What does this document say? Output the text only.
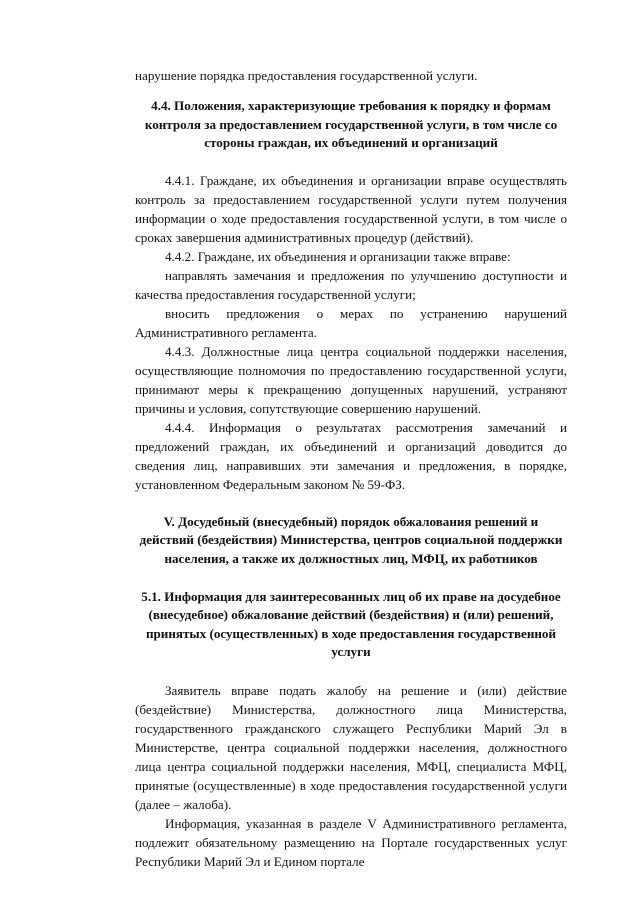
нарушение порядка предоставления государственной услуги.

4.4. Положения, характеризующие требования к порядку и формам контроля за предоставлением государственной услуги, в том числе со стороны граждан, их объединений и организаций

4.4.1. Граждане, их объединения и организации вправе осуществлять контроль за предоставлением государственной услуги путем получения информации о ходе предоставления государственной услуги, в том числе о сроках завершения административных процедур (действий).

4.4.2. Граждане, их объединения и организации также вправе:

направлять замечания и предложения по улучшению доступности и качества предоставления государственной услуги;

вносить предложения о мерах по устранению нарушений Административного регламента.

4.4.3. Должностные лица центра социальной поддержки населения, осуществляющие полномочия по предоставлению государственной услуги, принимают меры к прекращению допущенных нарушений, устраняют причины и условия, сопутствующие совершению нарушений.

4.4.4. Информация о результатах рассмотрения замечаний и предложений граждан, их объединений и организаций доводится до сведения лиц, направивших эти замечания и предложения, в порядке, установленном Федеральным законом № 59-ФЗ.

V. Досудебный (внесудебный) порядок обжалования решений и действий (бездействия) Министерства, центров социальной поддержки населения, а также их должностных лиц, МФЦ, их работников

5.1. Информация для заинтересованных лиц об их праве на досудебное (внесудебное) обжалование действий (бездействия) и (или) решений, принятых (осуществленных) в ходе предоставления государственной услуги

Заявитель вправе подать жалобу на решение и (или) действие (бездействие) Министерства, должностного лица Министерства, государственного гражданского служащего Республики Марий Эл в Министерстве, центра социальной поддержки населения, должностного лица центра социальной поддержки населения, МФЦ, специалиста МФЦ, принятые (осуществленные) в ходе предоставления государственной услуги (далее – жалоба).

Информация, указанная в разделе V Административного регламента, подлежит обязательному размещению на Портале государственных услуг Республики Марий Эл и Едином портале
